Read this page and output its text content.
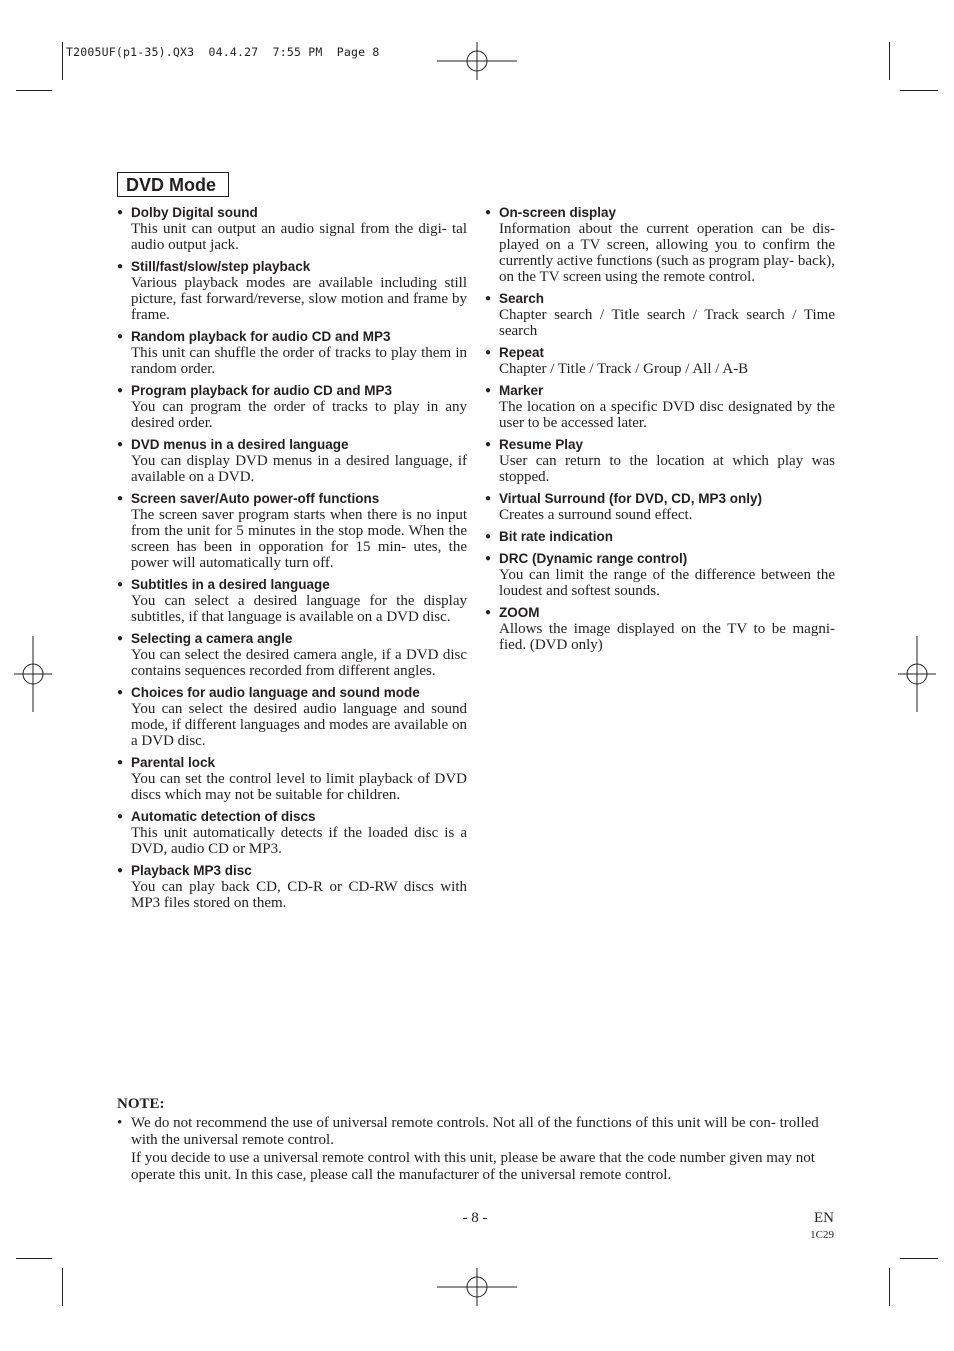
T2005UF(p1-35).QX3  04.4.27  7:55 PM  Page 8
DVD Mode
● Dolby Digital sound
This unit can output an audio signal from the digi- tal audio output jack.
● Still/fast/slow/step playback
Various playback modes are available including still picture, fast forward/reverse, slow motion and frame by frame.
● Random playback for audio CD and MP3
This unit can shuffle the order of tracks to play them in random order.
● Program playback for audio CD and MP3
You can program the order of tracks to play in any desired order.
● DVD menus in a desired language
You can display DVD menus in a desired language, if available on a DVD.
● Screen saver/Auto power-off functions
The screen saver program starts when there is no input from the unit for 5 minutes in the stop mode. When the screen has been in opporation for 15 min- utes, the power will automatically turn off.
● Subtitles in a desired language
You can select a desired language for the display subtitles, if that language is available on a DVD disc.
● Selecting a camera angle
You can select the desired camera angle, if a DVD disc contains sequences recorded from different angles.
● Choices for audio language and sound mode
You can select the desired audio language and sound mode, if different languages and modes are available on a DVD disc.
● Parental lock
You can set the control level to limit playback of DVD discs which may not be suitable for children.
● Automatic detection of discs
This unit automatically detects if the loaded disc is a DVD, audio CD or MP3.
● Playback MP3 disc
You can play back CD, CD-R or CD-RW discs with MP3 files stored on them.
● On-screen display
Information about the current operation can be dis- played on a TV screen, allowing you to confirm the currently active functions (such as program play- back), on the TV screen using the remote control.
● Search
Chapter search / Title search / Track search / Time search
● Repeat
Chapter / Title / Track / Group / All / A-B
● Marker
The location on a specific DVD disc designated by the user to be accessed later.
● Resume Play
User can return to the location at which play was stopped.
● Virtual Surround (for DVD, CD, MP3 only)
Creates a surround sound effect.
● Bit rate indication
● DRC (Dynamic range control)
You can limit the range of the difference between the loudest and softest sounds.
● ZOOM
Allows the image displayed on the TV to be magni- fied. (DVD only)
NOTE:
• We do not recommend the use of universal remote controls. Not all of the functions of this unit will be con- trolled with the universal remote control.
If you decide to use a universal remote control with this unit, please be aware that the code number given may not operate this unit. In this case, please call the manufacturer of the universal remote control.
- 8 -	EN
1C29
